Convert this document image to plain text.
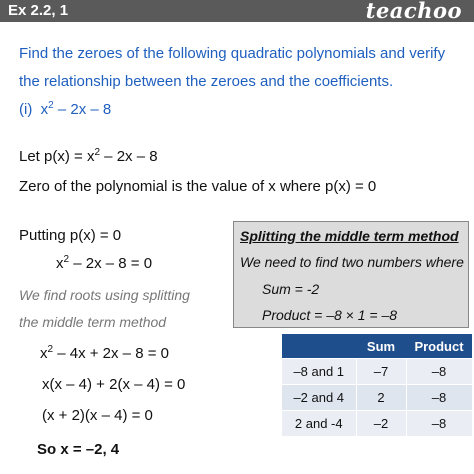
Ex 2.2, 1	teachoo
Find the zeroes of the following quadratic polynomials and verify
the relationship between the zeroes and the coefficients.
(i) $x^2 - 2x - 8$
Let $p(x) = x^2 - 2x - 8$
Zero of the polynomial is the value of x where p(x) = 0
Putting p(x) = 0
$x^2 - 2x - 8 = 0$
We find roots using splitting
the middle term method
$x^2 - 4x + 2x - 8 = 0$
x(x – 4) + 2(x – 4) = 0
(x + 2)(x – 4) = 0
So x = –2, 4
Splitting the middle term method
We need to find two numbers where
Sum = -2
Product = –8 × 1 = –8
	Sum	Product
–8 and 1	–7	–8
–2 and 4	2	–8
2 and -4	–2	–8
